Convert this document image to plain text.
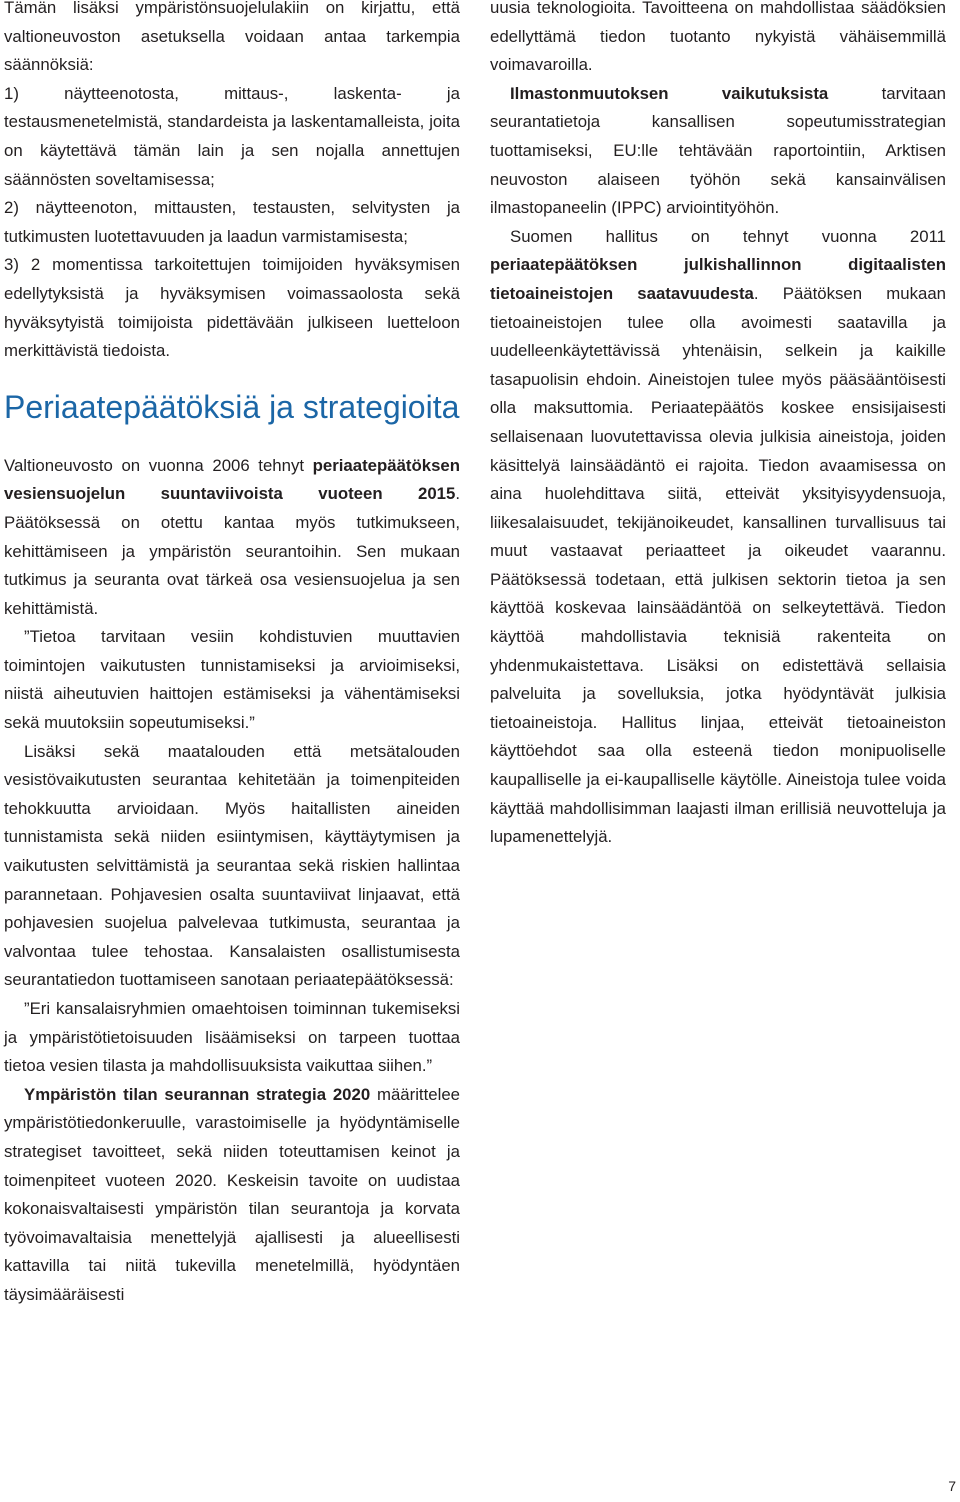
Tämän lisäksi ympäristönsuojelulakiin on kirjattu, että valtioneuvoston asetuksella voidaan antaa tarkempia säännöksiä:

1) näytteenotosta, mittaus-, laskenta- ja testausmenetelmistä, standardeista ja laskentamalleista, joita on käytettävä tämän lain ja sen nojalla annettujen säännösten soveltamisessa;

2) näytteenoton, mittausten, testausten, selvitysten ja tutkimusten luotettavuuden ja laadun varmistamisesta;

3) 2 momentissa tarkoitettujen toimijoiden hyväksymisen edellytyksistä ja hyväksymisen voimassaolosta sekä hyväksytyistä toimijoista pidettävään julkiseen luetteloon merkittävistä tiedoista.

Periaatepäätöksiä ja strategioita

Valtioneuvosto on vuonna 2006 tehnyt periaatepäätöksen vesiensuojelun suuntaviivoista vuoteen 2015. Päätöksessä on otettu kantaa myös tutkimukseen, kehittämiseen ja ympäristön seurantoihin. Sen mukaan tutkimus ja seuranta ovat tärkeä osa vesiensuojelua ja sen kehittämistä.

”Tietoa tarvitaan vesiin kohdistuvien muuttavien toimintojen vaikutusten tunnistamiseksi ja arvioimiseksi, niistä aiheutuvien haittojen estämiseksi ja vähentämiseksi sekä muutoksiin sopeutumiseksi.”

Lisäksi sekä maatalouden että metsätalouden vesistövaikutusten seurantaa kehitetään ja toimenpiteiden tehokkuutta arvioidaan. Myös haitallisten aineiden tunnistamista sekä niiden esiintymisen, käyttäytymisen ja vaikutusten selvittämistä ja seurantaa sekä riskien hallintaa parannetaan. Pohjavesien osalta suuntaviivat linjaavat, että pohjavesien suojelua palvelevaa tutkimusta, seurantaa ja valvontaa tulee tehostaa. Kansalaisten osallistumisesta seurantatiedon tuottamiseen sanotaan periaatepäätöksessä:

”Eri kansalaisryhmien omaehtoisen toiminnan tukemiseksi ja ympäristötietoisuuden lisäämiseksi on tarpeen tuottaa tietoa vesien tilasta ja mahdollisuuksista vaikuttaa siihen.”

Ympäristön tilan seurannan strategia 2020 määrittelee ympäristötiedonkeruulle, varastoimiselle ja hyödyntämiselle strategiset tavoitteet, sekä niiden toteuttamisen keinot ja toimenpiteet vuoteen 2020. Keskeisin tavoite on uudistaa kokonaisvaltaisesti ympäristön tilan seurantoja ja korvata työvoimavaltaisia menettelyjä ajallisesti ja alueellisesti kattavilla tai niitä tukevilla menetelmillä, hyödyntäen täysimääräisesti

uusia teknologioita. Tavoitteena on mahdollistaa säädöksien edellyttämä tiedon tuotanto nykyistä vähäisemmillä voimavaroilla.

Ilmastonmuutoksen vaikutuksista tarvitaan seurantatietoja kansallisen sopeutumisstrategian tuottamiseksi, EU:lle tehtävään raportointiin, Arktisen neuvoston alaiseen työhön sekä kansainvälisen ilmastopaneelin (IPPC) arviointityöhön.

Suomen hallitus on tehnyt vuonna 2011 periaatepäätöksen julkishallinnon digitaalisten tietoaineistojen saatavuudesta. Päätöksen mukaan tietoaineistojen tulee olla avoimesti saatavilla ja uudelleenkäytettävissä yhtenäisin, selkein ja kaikille tasapuolisin ehdoin. Aineistojen tulee myös pääsääntöisesti olla maksuttomia. Periaatepäätös koskee ensisijaisesti sellaisenaan luovutettavissa olevia julkisia aineistoja, joiden käsittelyä lainsäädäntö ei rajoita. Tiedon avaamisessa on aina huolehdittava siitä, etteivät yksityisyydensuoja, liikesalaisuudet, tekijänoikeudet, kansallinen turvallisuus tai muut vastaavat periaatteet ja oikeudet vaarannu. Päätöksessä todetaan, että julkisen sektorin tietoa ja sen käyttöä koskevaa lainsäädäntöä on selkeytettävä. Tiedon käyttöä mahdollistavia teknisiä rakenteita on yhdenmukaistettava. Lisäksi on edistettävä sellaisia palveluita ja sovelluksia, jotka hyödyntävät julkisia tietoaineistoja. Hallitus linjaa, etteivät tietoaineiston käyttöehdot saa olla esteenä tiedon monipuoliselle kaupalliselle ja ei-kaupalliselle käytölle. Aineistoja tulee voida käyttää mahdollisimman laajasti ilman erillisiä neuvotteluja ja lupamenettelyjä.

7
